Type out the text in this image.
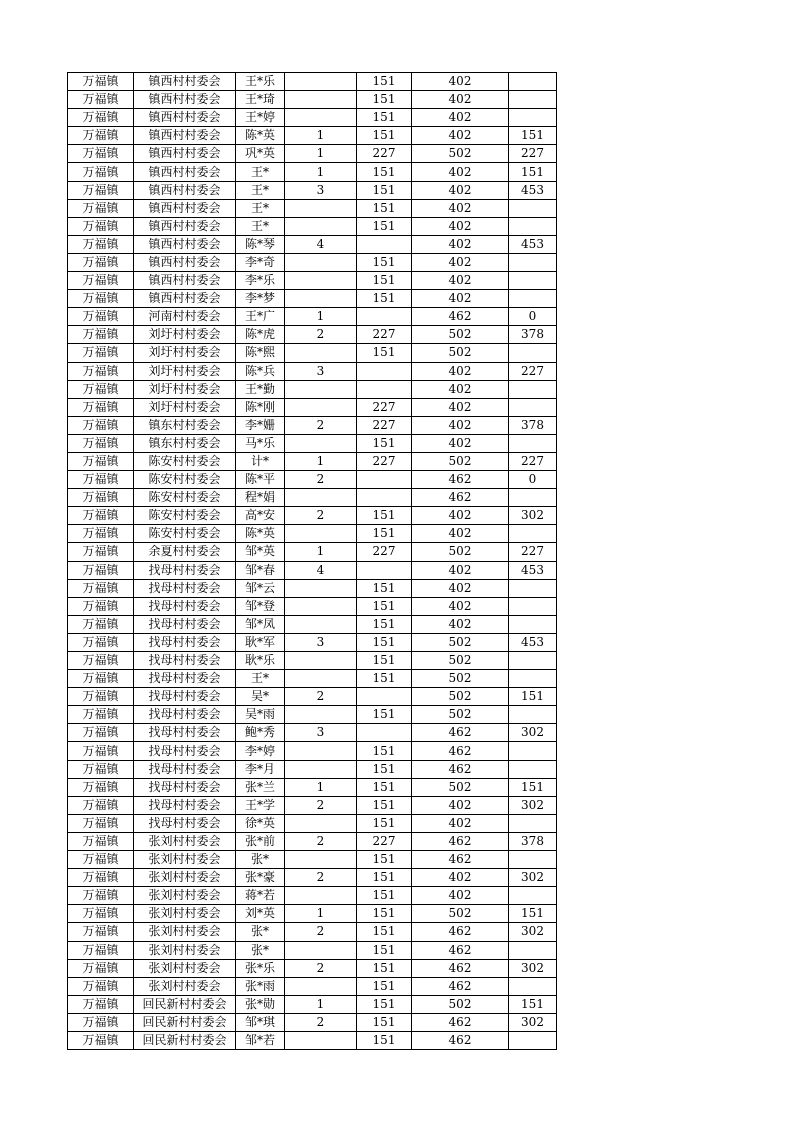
万福镇	镇西村村委会	王*乐		151	402	
万福镇	镇西村村委会	王*琦		151	402	
万福镇	镇西村村委会	王*婷		151	402	
万福镇	镇西村村委会	陈*英	1	151	402	151
万福镇	镇西村村委会	巩*英	1	227	502	227
万福镇	镇西村村委会	王*	1	151	402	151
万福镇	镇西村村委会	王*	3	151	402	453
万福镇	镇西村村委会	王*		151	402	
万福镇	镇西村村委会	王*		151	402	
万福镇	镇西村村委会	陈*琴	4		402	453
万福镇	镇西村村委会	李*奇		151	402	
万福镇	镇西村村委会	李*乐		151	402	
万福镇	镇西村村委会	李*梦		151	402	
万福镇	河南村村委会	王*广	1		462	0
万福镇	刘圩村村委会	陈*虎	2	227	502	378
万福镇	刘圩村村委会	陈*熙		151	502	
万福镇	刘圩村村委会	陈*兵	3		402	227
万福镇	刘圩村村委会	王*勤			402	
万福镇	刘圩村村委会	陈*刚		227	402	
万福镇	镇东村村委会	李*姗	2	227	402	378
万福镇	镇东村村委会	马*乐		151	402	
万福镇	陈安村村委会	计*	1	227	502	227
万福镇	陈安村村委会	陈*平	2		462	0
万福镇	陈安村村委会	程*娟			462	
万福镇	陈安村村委会	高*安	2	151	402	302
万福镇	陈安村村委会	陈*英		151	402	
万福镇	余夏村村委会	邹*英	1	227	502	227
万福镇	找母村村委会	邹*春	4		402	453
万福镇	找母村村委会	邹*云		151	402	
万福镇	找母村村委会	邹*登		151	402	
万福镇	找母村村委会	邹*凤		151	402	
万福镇	找母村村委会	耿*军	3	151	502	453
万福镇	找母村村委会	耿*乐		151	502	
万福镇	找母村村委会	王*		151	502	
万福镇	找母村村委会	吴*	2		502	151
万福镇	找母村村委会	吴*雨		151	502	
万福镇	找母村村委会	鲍*秀	3		462	302
万福镇	找母村村委会	李*婷		151	462	
万福镇	找母村村委会	李*月		151	462	
万福镇	找母村村委会	张*兰	1	151	502	151
万福镇	找母村村委会	王*学	2	151	402	302
万福镇	找母村村委会	徐*英		151	402	
万福镇	张刘村村委会	张*前	2	227	462	378
万福镇	张刘村村委会	张*		151	462	
万福镇	张刘村村委会	张*豪	2	151	402	302
万福镇	张刘村村委会	蒋*若		151	402	
万福镇	张刘村村委会	刘*英	1	151	502	151
万福镇	张刘村村委会	张*	2	151	462	302
万福镇	张刘村村委会	张*		151	462	
万福镇	张刘村村委会	张*乐	2	151	462	302
万福镇	张刘村村委会	张*雨		151	462	
万福镇	回民新村村委会	张*勋	1	151	502	151
万福镇	回民新村村委会	邹*琪	2	151	462	302
万福镇	回民新村村委会	邹*若		151	462	
